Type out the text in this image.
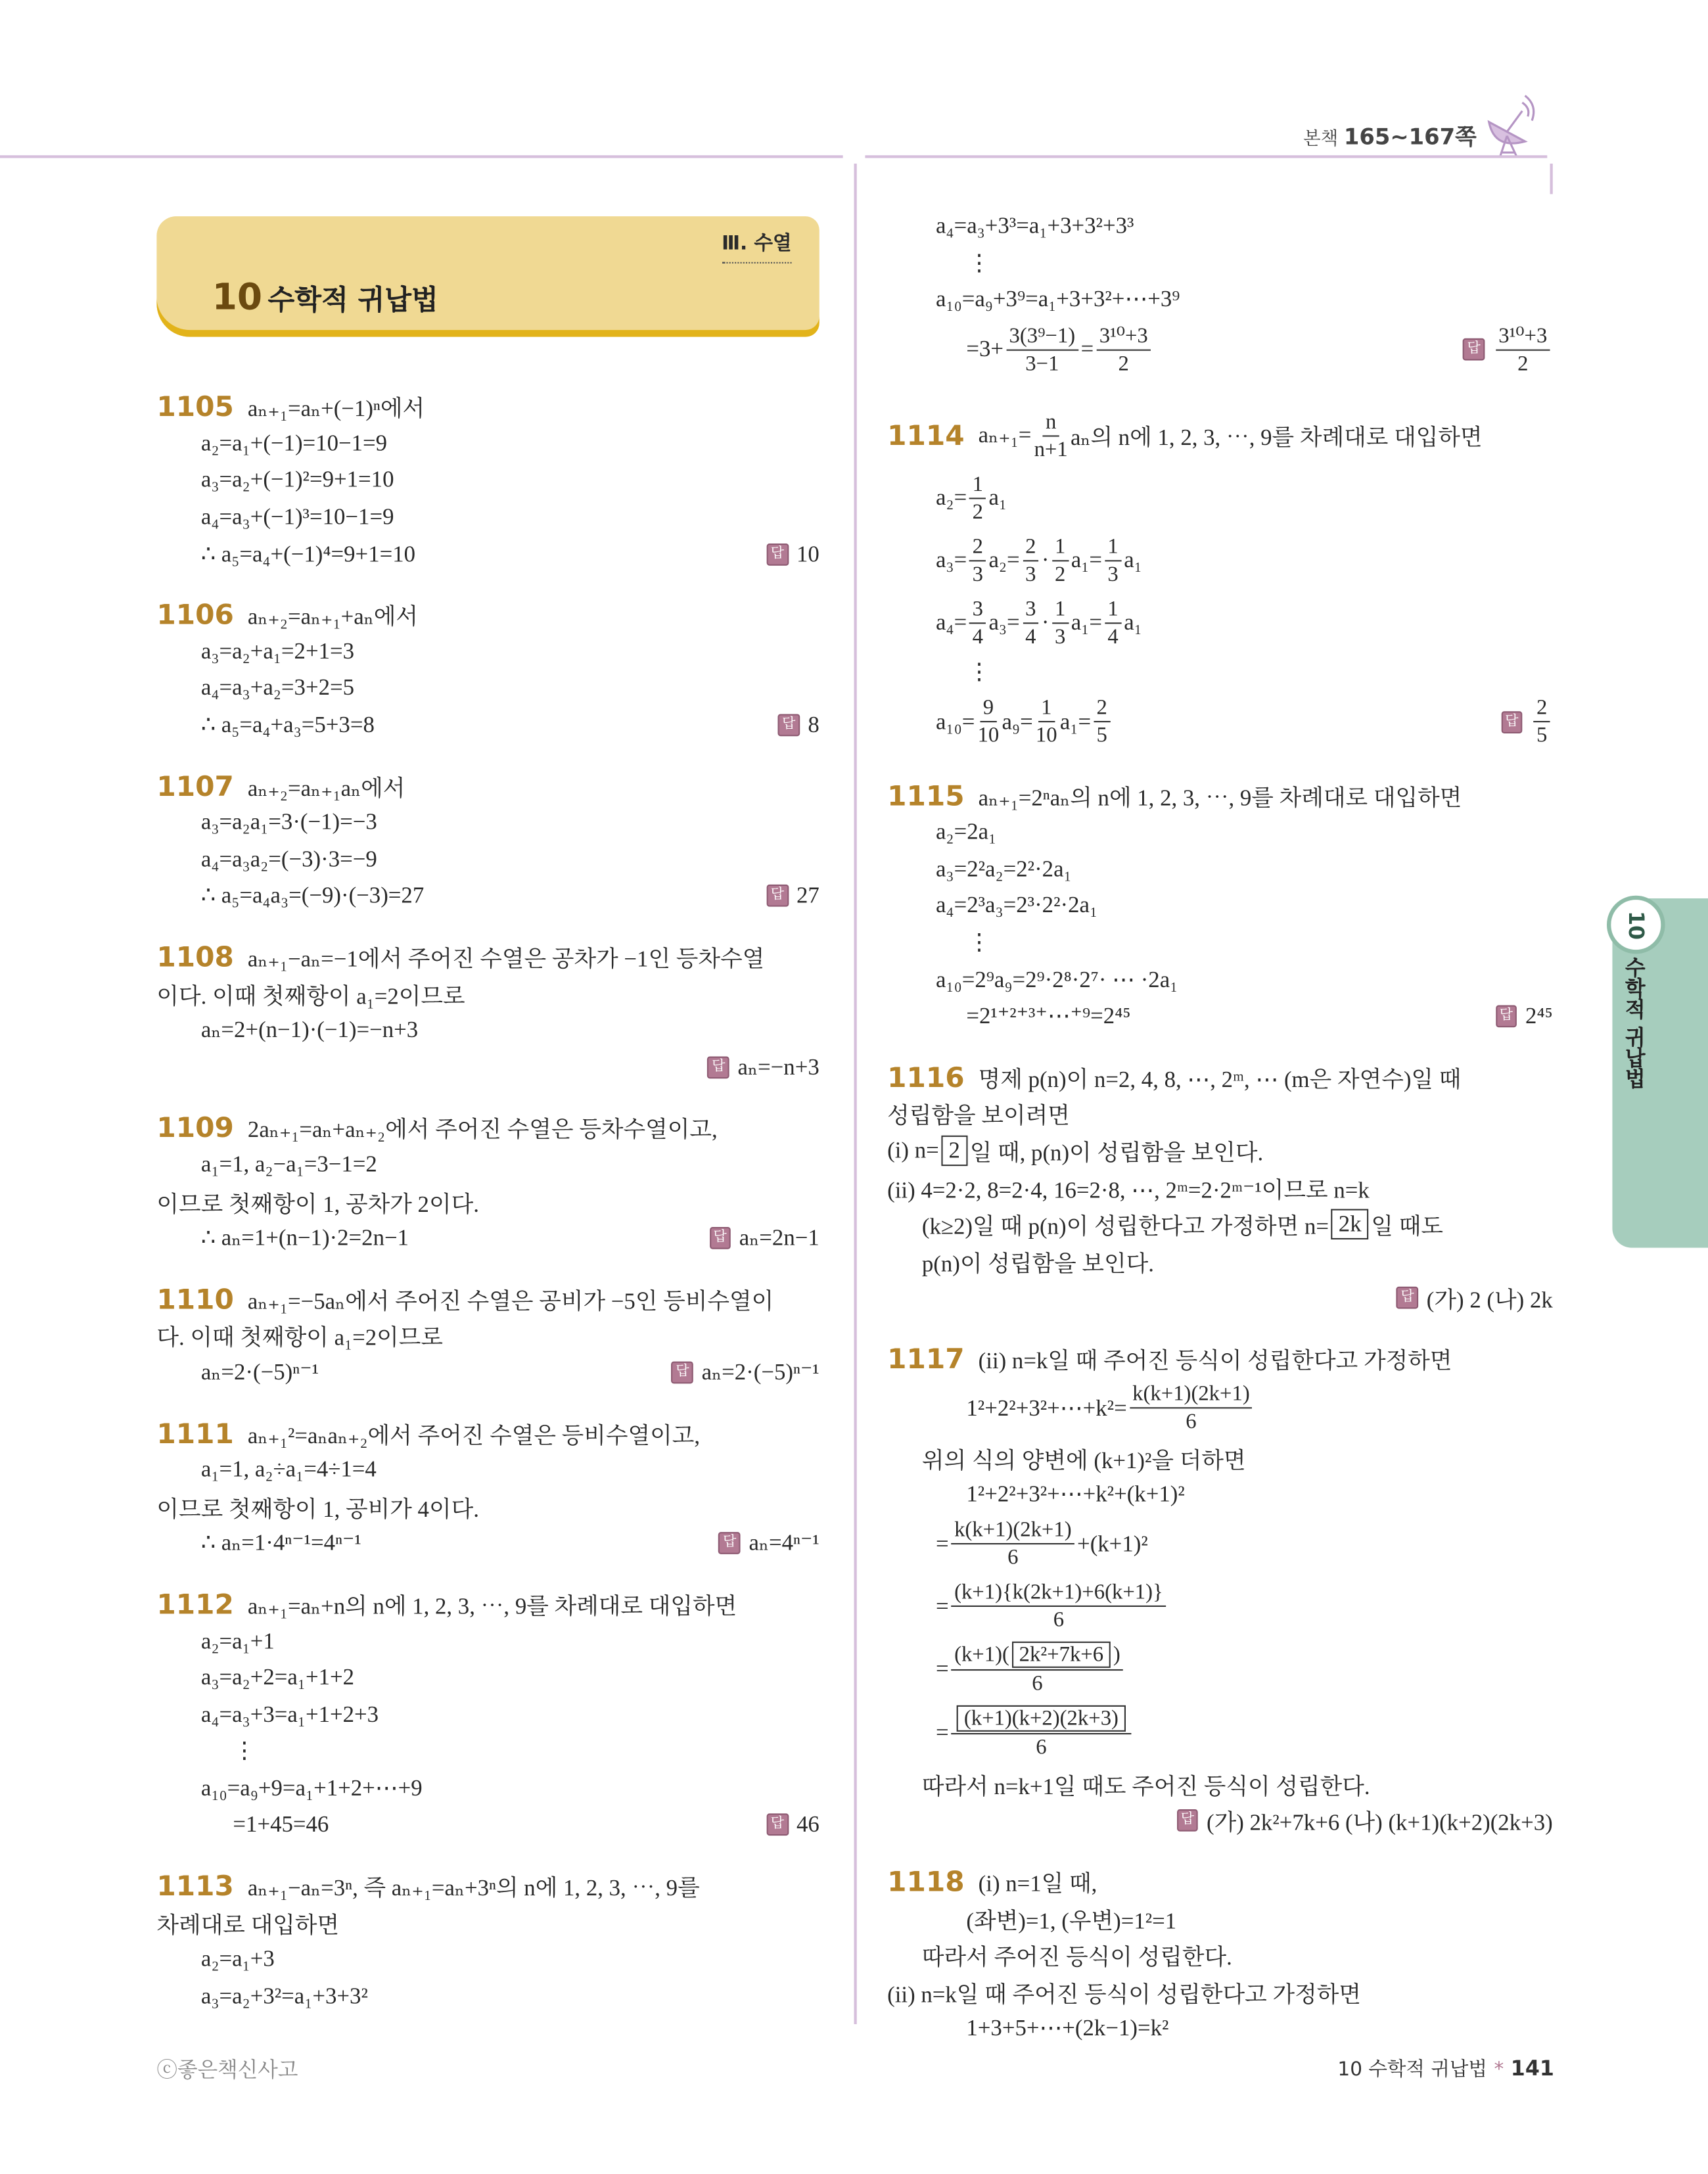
본책 165~167쪽
Ⅲ. 수열
10 수학적 귀납법
1105 aₙ₊₁=aₙ+(−1)ⁿ에서
a₂=a₁+(−1)=10−1=9
a₃=a₂+(−1)²=9+1=10
a₄=a₃+(−1)³=10−1=9
∴ a₅=a₄+(−1)⁴=9+1=10	답	10
1106 aₙ₊₂=aₙ₊₁+aₙ에서
a₃=a₂+a₁=2+1=3
a₄=a₃+a₂=3+2=5
∴ a₅=a₄+a₃=5+3=8	답	8
1107 aₙ₊₂=aₙ₊₁aₙ에서
a₃=a₂a₁=3·(−1)=−3
a₄=a₃a₂=(−3)·3=−9
∴ a₅=a₄a₃=(−9)·(−3)=27	답	27
1108 aₙ₊₁−aₙ=−1에서 주어진 수열은 공차가 −1인 등차수열
이다. 이때 첫째항이 a₁=2이므로
aₙ=2+(n−1)·(−1)=−n+3
답	aₙ=−n+3
1109 2aₙ₊₁=aₙ+aₙ₊₂에서 주어진 수열은 등차수열이고,
a₁=1, a₂−a₁=3−1=2
이므로 첫째항이 1, 공차가 2이다.
∴ aₙ=1+(n−1)·2=2n−1	답	aₙ=2n−1
1110 aₙ₊₁=−5aₙ에서 주어진 수열은 공비가 −5인 등비수열이
다. 이때 첫째항이 a₁=2이므로
aₙ=2·(−5)ⁿ⁻¹	답	aₙ=2·(−5)ⁿ⁻¹
1111 aₙ₊₁²=aₙaₙ₊₂에서 주어진 수열은 등비수열이고,
a₁=1, a₂÷a₁=4÷1=4
이므로 첫째항이 1, 공비가 4이다.
∴ aₙ=1·4ⁿ⁻¹=4ⁿ⁻¹	답	aₙ=4ⁿ⁻¹
1112 aₙ₊₁=aₙ+n의 n에 1, 2, 3, ⋯, 9를 차례대로 대입하면
a₂=a₁+1
a₃=a₂+2=a₁+1+2
a₄=a₃+3=a₁+1+2+3
⋮
a₁₀=a₉+9=a₁+1+2+⋯+9
=1+45=46	답	46
1113 aₙ₊₁−aₙ=3ⁿ, 즉 aₙ₊₁=aₙ+3ⁿ의 n에 1, 2, 3, ⋯, 9를
차례대로 대입하면
a₂=a₁+3
a₃=a₂+3²=a₁+3+3²
a₄=a₃+3³=a₁+3+3²+3³
⋮
a₁₀=a₉+3⁹=a₁+3+3²+⋯+3⁹
$=3+ \frac{\text{3(3⁹−1)}}{3-1} = \frac{\text{3¹⁰+3}}{2}$	답	$\frac{\text{3¹⁰+3}}{2}$
1114 $a_{n+1}= \frac{n}{n+1}$ aₙ의 n에 1, 2, 3, ⋯, 9를 차례대로 대입하면
$a_2= \frac{1}{2} a_1$
$a_3= \frac{2}{3} a_2= \frac{2}{3} \cdot \frac{1}{2} a_1= \frac{1}{3} a_1$
$a_4= \frac{3}{4} a_3= \frac{3}{4} \cdot \frac{1}{3} a_1= \frac{1}{4} a_1$
⋮
$a_{10}= \frac{9}{10} a_9= \frac{1}{10} a_1= \frac{2}{5}$	답	$\frac{2}{5}$
1115 aₙ₊₁=2ⁿaₙ의 n에 1, 2, 3, ⋯, 9를 차례대로 대입하면
a₂=2a₁
a₃=2²a₂=2²·2a₁
a₄=2³a₃=2³·2²·2a₁
⋮
a₁₀=2⁹a₉=2⁹·2⁸·2⁷· ⋯ ·2a₁
=2¹⁺²⁺³⁺⋯⁺⁹=2⁴⁵	답	2⁴⁵
1116 명제 p(n)이 n=2, 4, 8, ⋯, 2ᵐ, ⋯ (m은 자연수)일 때
성립함을 보이려면
(i) n= 2 일 때, p(n)이 성립함을 보인다.
(ii) 4=2·2, 8=2·4, 16=2·8, ⋯, 2ᵐ=2·2ᵐ⁻¹이므로 n=k
(k≥2)일 때 p(n)이 성립한다고 가정하면 n= 2k 일 때도
p(n)이 성립함을 보인다.
답	(가) 2 (나) 2k
1117 (ii) n=k일 때 주어진 등식이 성립한다고 가정하면
1²+2²+3²+⋯+k²= $\frac{k(k+1)(2k+1)}{6}$
위의 식의 양변에 (k+1)²을 더하면
1²+2²+3²+⋯+k²+(k+1)²
= $\frac{k(k+1)(2k+1)}{6} +(k+1)^2$
= $\frac{(k+1)\{k(2k+1)+6(k+1)\}}{6}$
= $\frac{\text{(k+1)( 2k²+7k+6 )}}{6}$
= $\frac{(k+1)(k+2)(2k+3)}{6}$
따라서 n=k+1일 때도 주어진 등식이 성립한다.
답	(가) 2k²+7k+6 (나) (k+1)(k+2)(2k+3)
1118 (i) n=1일 때,
(좌변)=1, (우변)=1²=1
따라서 주어진 등식이 성립한다.
(ii) n=k일 때 주어진 등식이 성립한다고 가정하면
1+3+5+⋯+(2k−1)=k²
10
수학적 귀납법
ⓒ좋은책신사고	10 수학적 귀납법 * 141
